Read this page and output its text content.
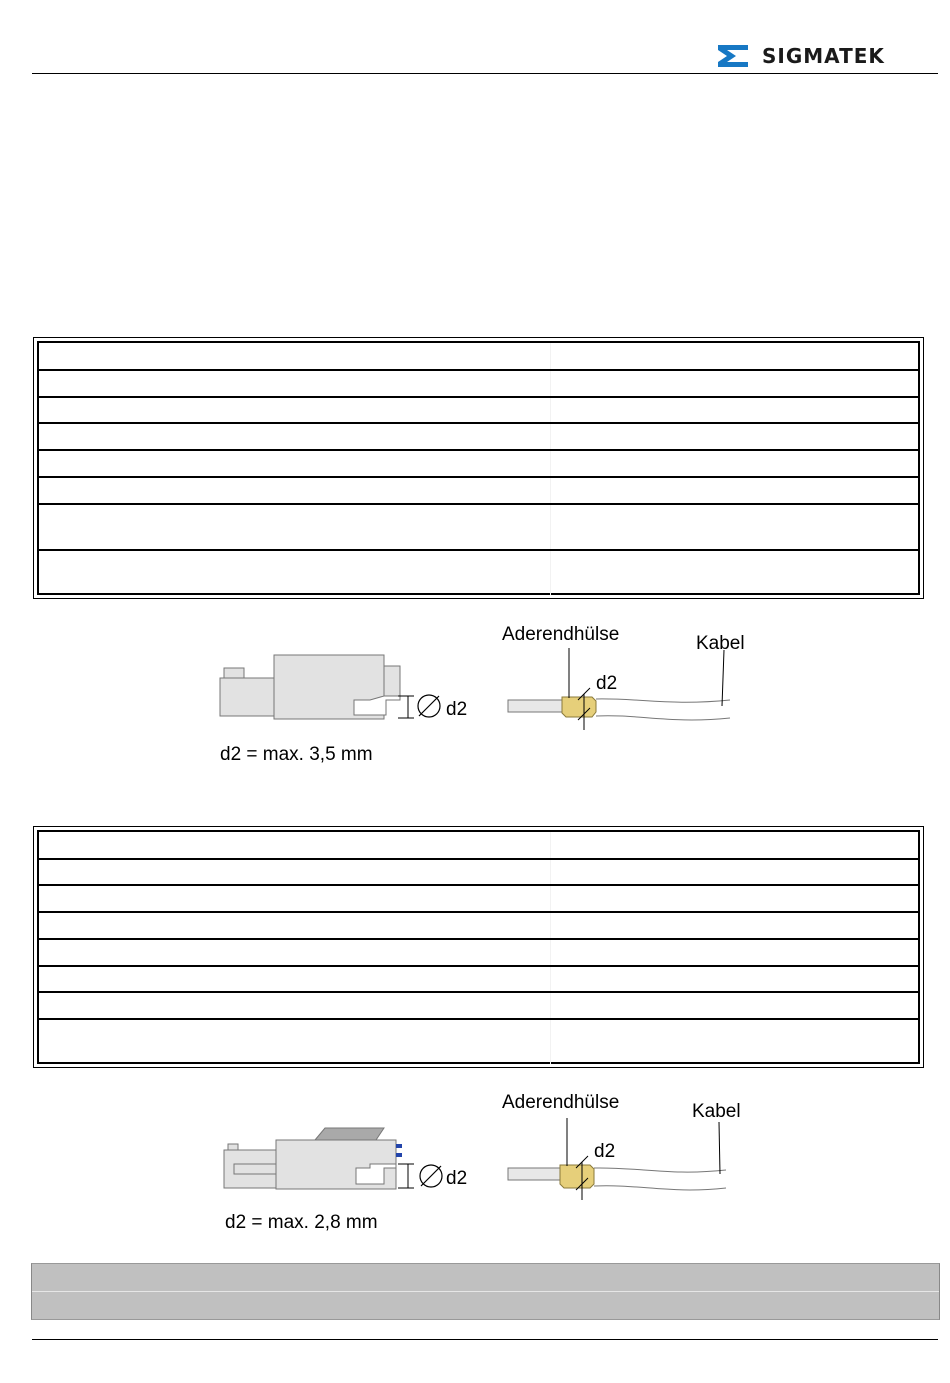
SIGMATEK
Aderendhülse	Kabel
d2
d2
d2 = max. 3,5 mm
Aderendhülse	Kabel
d2
d2
d2 = max. 2,8 mm
